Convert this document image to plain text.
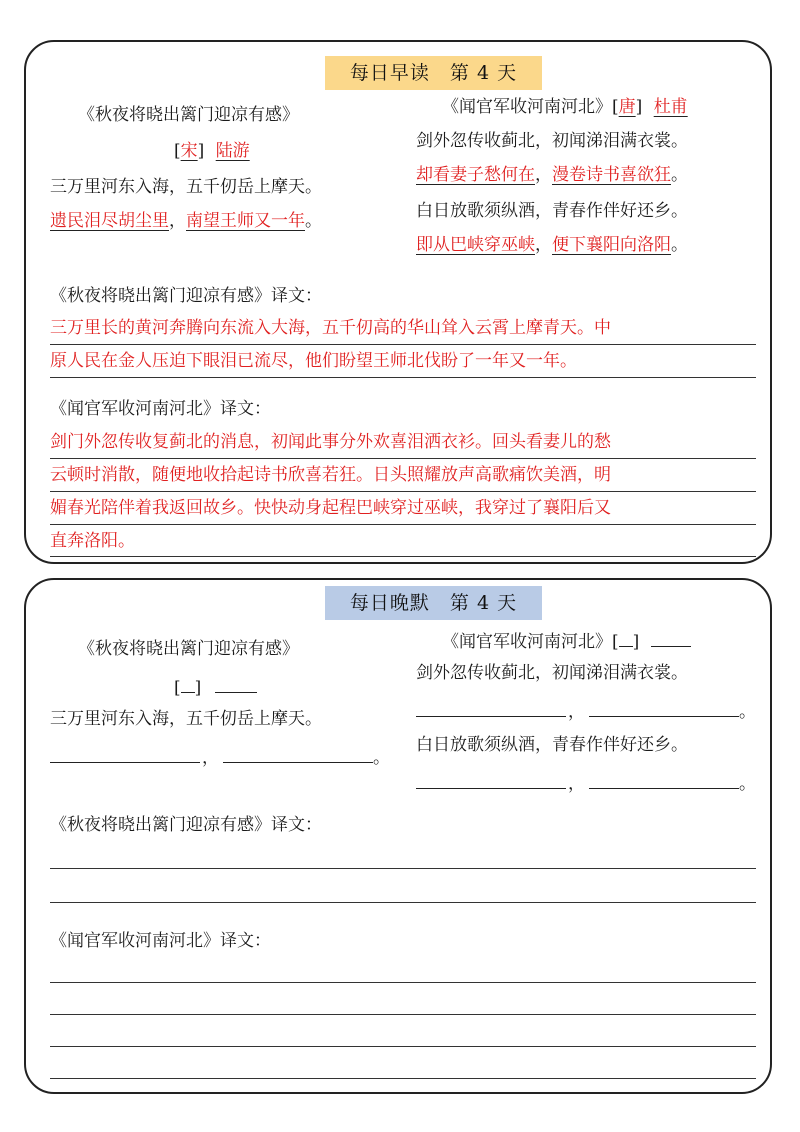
每日早读　第 4 天
《秋夜将晓出篱门迎凉有感》
[宋] 陆游
三万里河东入海，五千仞岳上摩天。
遗民泪尽胡尘里，南望王师又一年。
《闻官军收河南河北》[唐] 杜甫
剑外忽传收蓟北，初闻涕泪满衣裳。
却看妻子愁何在，漫卷诗书喜欲狂。
白日放歌须纵酒，青春作伴好还乡。
即从巴峡穿巫峡，便下襄阳向洛阳。
《秋夜将晓出篱门迎凉有感》译文：
三万里长的黄河奔腾向东流入大海，五千仞高的华山耸入云霄上摩青天。中
原人民在金人压迫下眼泪已流尽，他们盼望王师北伐盼了一年又一年。
《闻官军收河南河北》译文：
剑门外忽传收复蓟北的消息，初闻此事分外欢喜泪洒衣衫。回头看妻儿的愁
云顿时消散，随便地收拾起诗书欣喜若狂。日头照耀放声高歌痛饮美酒，明
媚春光陪伴着我返回故乡。快快动身起程巴峡穿过巫峡，我穿过了襄阳后又
直奔洛阳。
每日晚默　第 4 天
《秋夜将晓出篱门迎凉有感》
[ ]
三万里河东入海，五千仞岳上摩天。
，	。
《闻官军收河南河北》[ ]
剑外忽传收蓟北，初闻涕泪满衣裳。
，	。
白日放歌须纵酒，青春作伴好还乡。
，	。
《秋夜将晓出篱门迎凉有感》译文：
《闻官军收河南河北》译文：
